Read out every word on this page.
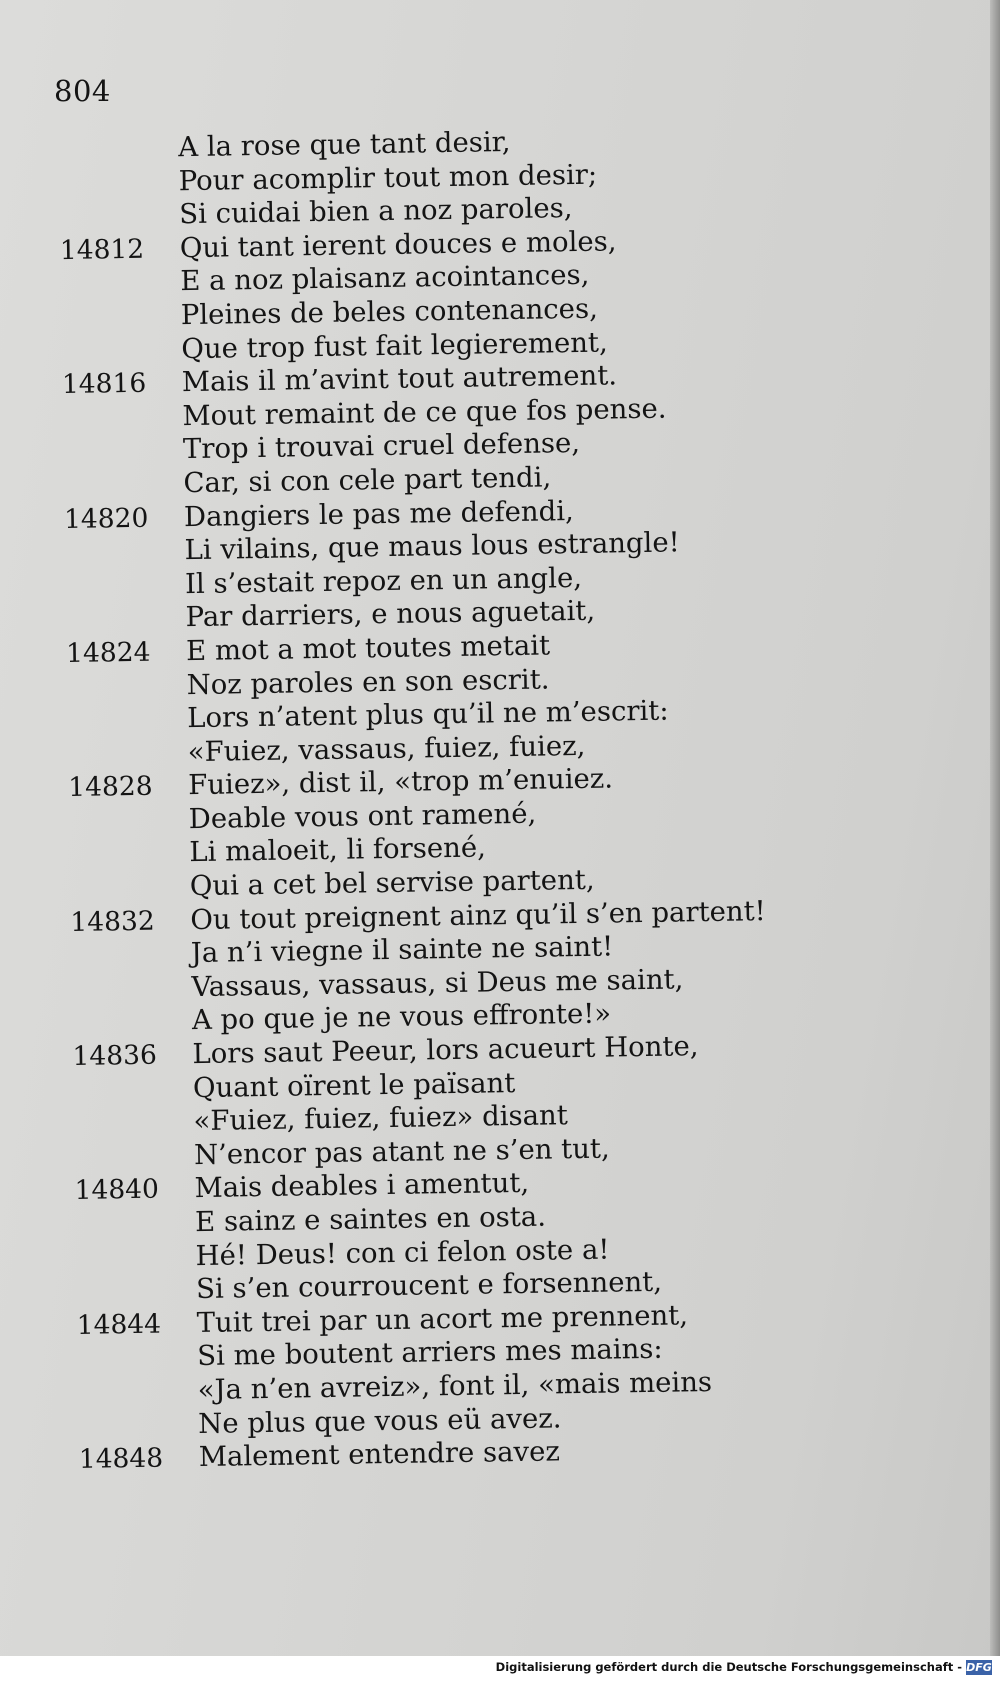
804
A la rose que tant desir,
Pour acomplir tout mon desir;
Si cuidai bien a noz paroles,
14812	Qui tant ierent douces e moles,
E a noz plaisanz acointances,
Pleines de beles contenances,
Que trop fust fait legierement,
14816	Mais il m’avint tout autrement.
Mout remaint de ce que fos pense.
Trop i trouvai cruel defense,
Car, si con cele part tendi,
14820	Dangiers le pas me defendi,
Li vilains, que maus lous estrangle!
Il s’estait repoz en un angle,
Par darriers, e nous aguetait,
14824	E mot a mot toutes metait
Noz paroles en son escrit.
Lors n’atent plus qu’il ne m’escrit:
«Fuiez, vassaus, fuiez, fuiez,
14828	Fuiez», dist il, «trop m’enuiez.
Deable vous ont ramené,
Li maloeit, li forsené,
Qui a cet bel servise partent,
14832	Ou tout preignent ainz qu’il s’en partent!
Ja n’i viegne il sainte ne saint!
Vassaus, vassaus, si Deus me saint,
A po que je ne vous effronte!»
14836	Lors saut Peeur, lors acueurt Honte,
Quant oïrent le païsant
«Fuiez, fuiez, fuiez» disant
N’encor pas atant ne s’en tut,
14840	Mais deables i amentut,
E sainz e saintes en osta.
Hé! Deus! con ci felon oste a!
Si s’en courroucent e forsennent,
14844	Tuit trei par un acort me prennent,
Si me boutent arriers mes mains:
«Ja n’en avreiz», font il, «mais meins
Ne plus que vous eü avez.
14848	Malement entendre savez
Digitalisierung gefördert durch die Deutsche Forschungsgemeinschaft - DFG
